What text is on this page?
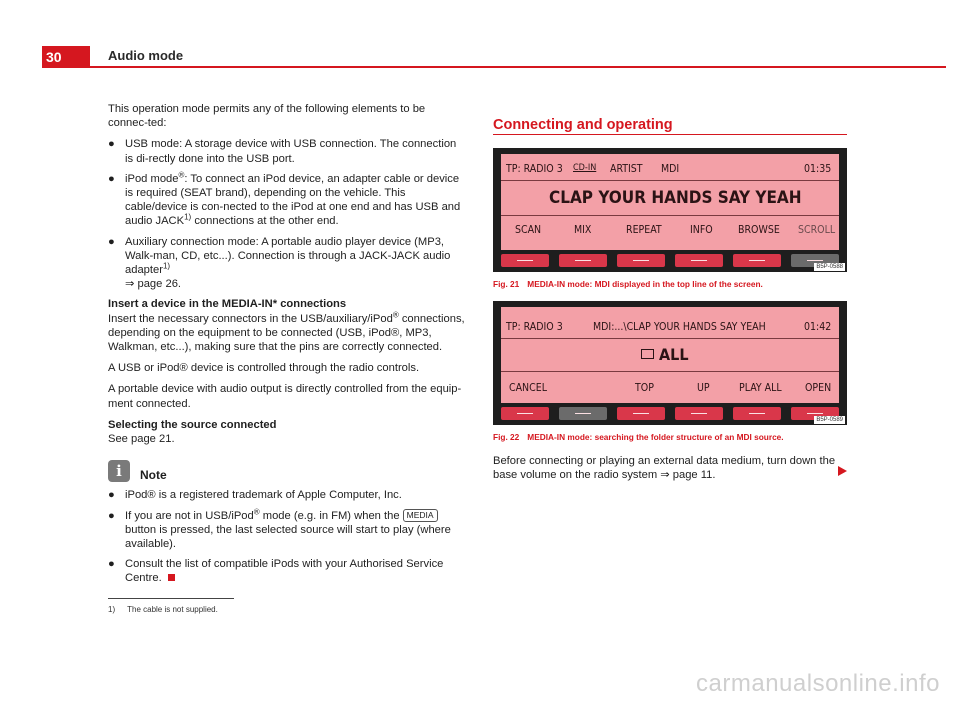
30	Audio mode

This operation mode permits any of the following elements to be connec-ted:

● USB mode: A storage device with USB connection. The connection is di-rectly done into the USB port.
● iPod mode®: To connect an iPod device, an adapter cable or device is required (SEAT brand), depending on the vehicle. This cable/device is con-nected to the iPod at one end and has USB and audio JACK$^{1)}$ connections at the other end.
● Auxiliary connection mode: A portable audio player device (MP3, Walk-man, CD, etc...). Connection is through a JACK-JACK audio adapter$^{1)}$
⇒ page 26.

Insert a device in the MEDIA-IN* connections

Insert the necessary connectors in the USB/auxiliary/iPod® connections, depending on the equipment to be connected (USB, iPod®, MP3, Walkman, etc...), making sure that the pins are correctly connected.

A USB or iPod® device is controlled through the radio controls.

A portable device with audio output is directly controlled from the equip-ment connected.

Selecting the source connected

See page 21.

i	Note
● iPod® is a registered trademark of Apple Computer, Inc.
● If you are not in USB/iPod® mode (e.g. in FM) when the MEDIA button is pressed, the last selected source will start to play (where available).
● Consult the list of compatible iPods with your Authorised Service Centre.
Connecting and operating
TP: RADIO 3 CD-IN ARTIST MDI	01:35
CLAP YOUR HANDS SAY YEAH
SCAN	MIX	REPEAT	INFO BROWSE SCROLL
B5P-0588
Fig. 21 MEDIA-IN mode: MDI displayed in the top line of the screen.
TP: RADIO 3	MDI:...\CLAP YOUR HANDS SAY YEAH	01:42
ALL
CANCEL	TOP	UP	PLAY ALL OPEN
B5P-0589
Fig. 22 MEDIA-IN mode: searching the folder structure of an MDI source.
Before connecting or playing an external data medium, turn down the base volume on the radio system ⇒ page 11.
1) The cable is not supplied.
carmanualsonline.info
